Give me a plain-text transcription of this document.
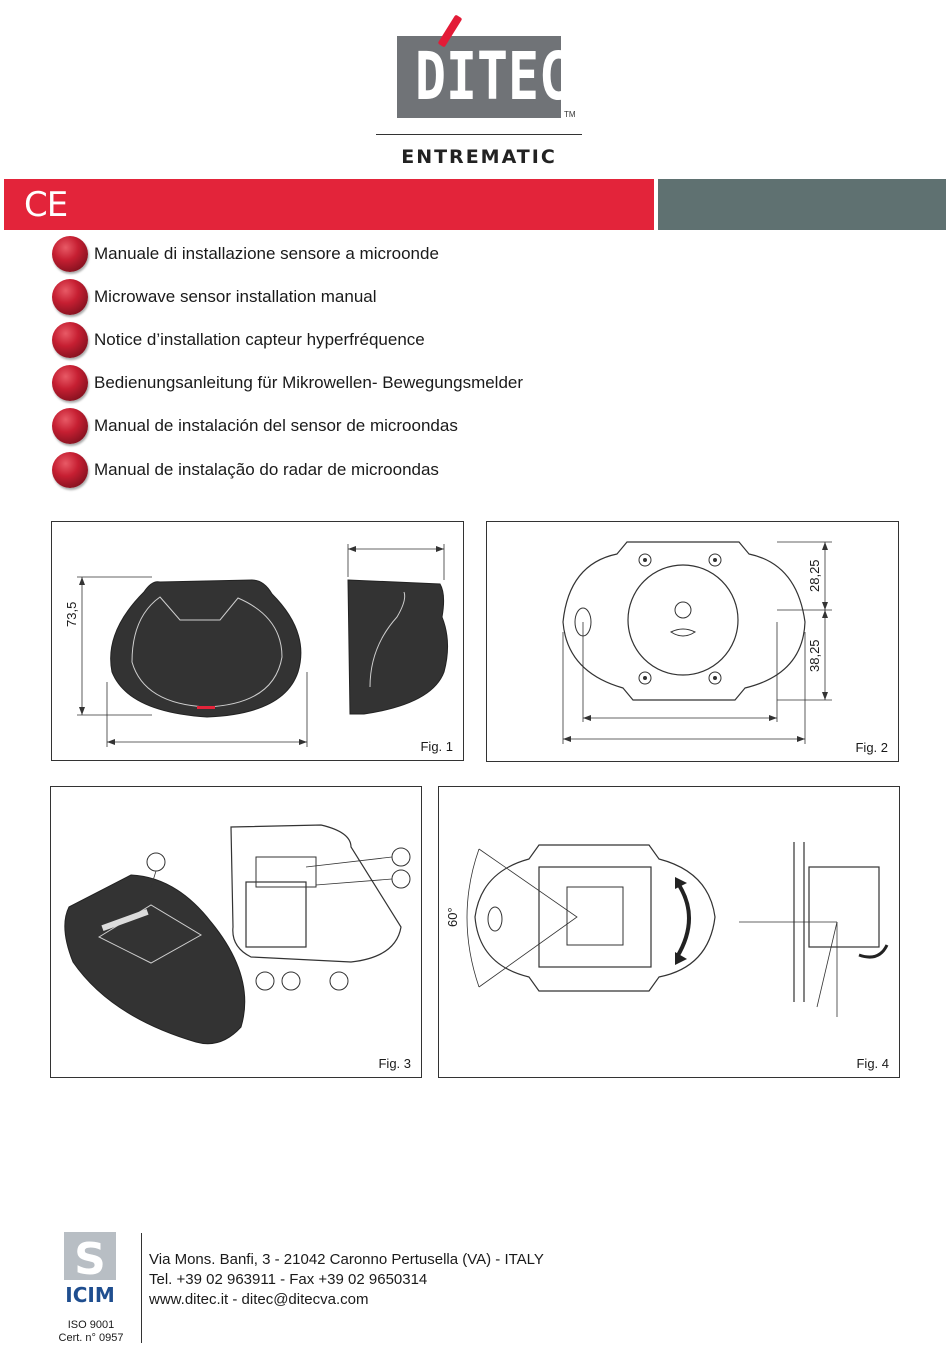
DITEC
TM
ENTREMATIC
CE
Manuale di installazione sensore a microonde
Microwave sensor installation manual
Notice d’installation capteur hyperfréquence
Bedienungsanleitung für Mikrowellen- Bewegungsmelder
Manual de instalación del sensor de microondas
Manual de instalação do radar de microondas
73,5
Fig. 1
28,25
38,25
Fig. 2
Fig. 3
60°
Fig. 4
S
ICIM
ISO 9001
Cert. n° 0957
Via Mons. Banfi, 3 - 21042 Caronno Pertusella (VA) - ITALY
Tel. +39 02 963911 - Fax +39 02 9650314
www.ditec.it - ditec@diteсva.com
